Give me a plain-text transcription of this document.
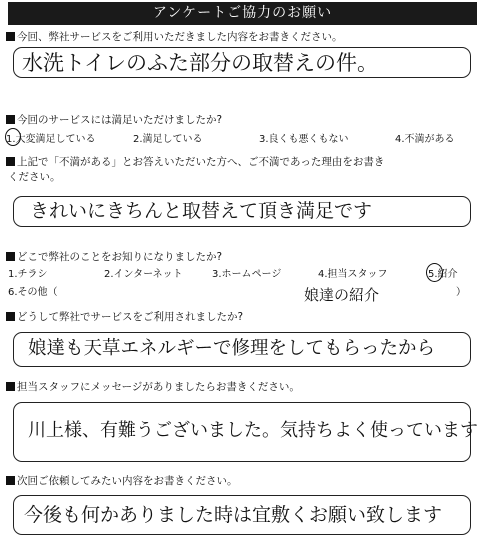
アンケートご協力のお願い
今回、弊社サービスをご利用いただきました内容をお書きください。
水洗トイレのふた部分の取替えの件。
今回のサービスには満足いただけましたか?
1.大変満足している	2.満足している	3.良くも悪くもない	4.不満がある
上記で「不満がある」とお答えいただいた方へ、ご不満であった理由をお書き
ください。
きれいにきちんと取替えて頂き満足です
どこで弊社のことをお知りになりましたか?
1.チラシ	2.インターネット	3.ホームページ	4.担当スタッフ	5.紹介
6.その他（	）
娘達の紹介
どうして弊社でサービスをご利用されましたか?
娘達も天草エネルギーで修理をしてもらったから
担当スタッフにメッセージがありましたらお書きください。
川上様、有難うございました。気持ちよく使っています
次回ご依頼してみたい内容をお書きください。
今後も何かありました時は宜敷くお願い致します
